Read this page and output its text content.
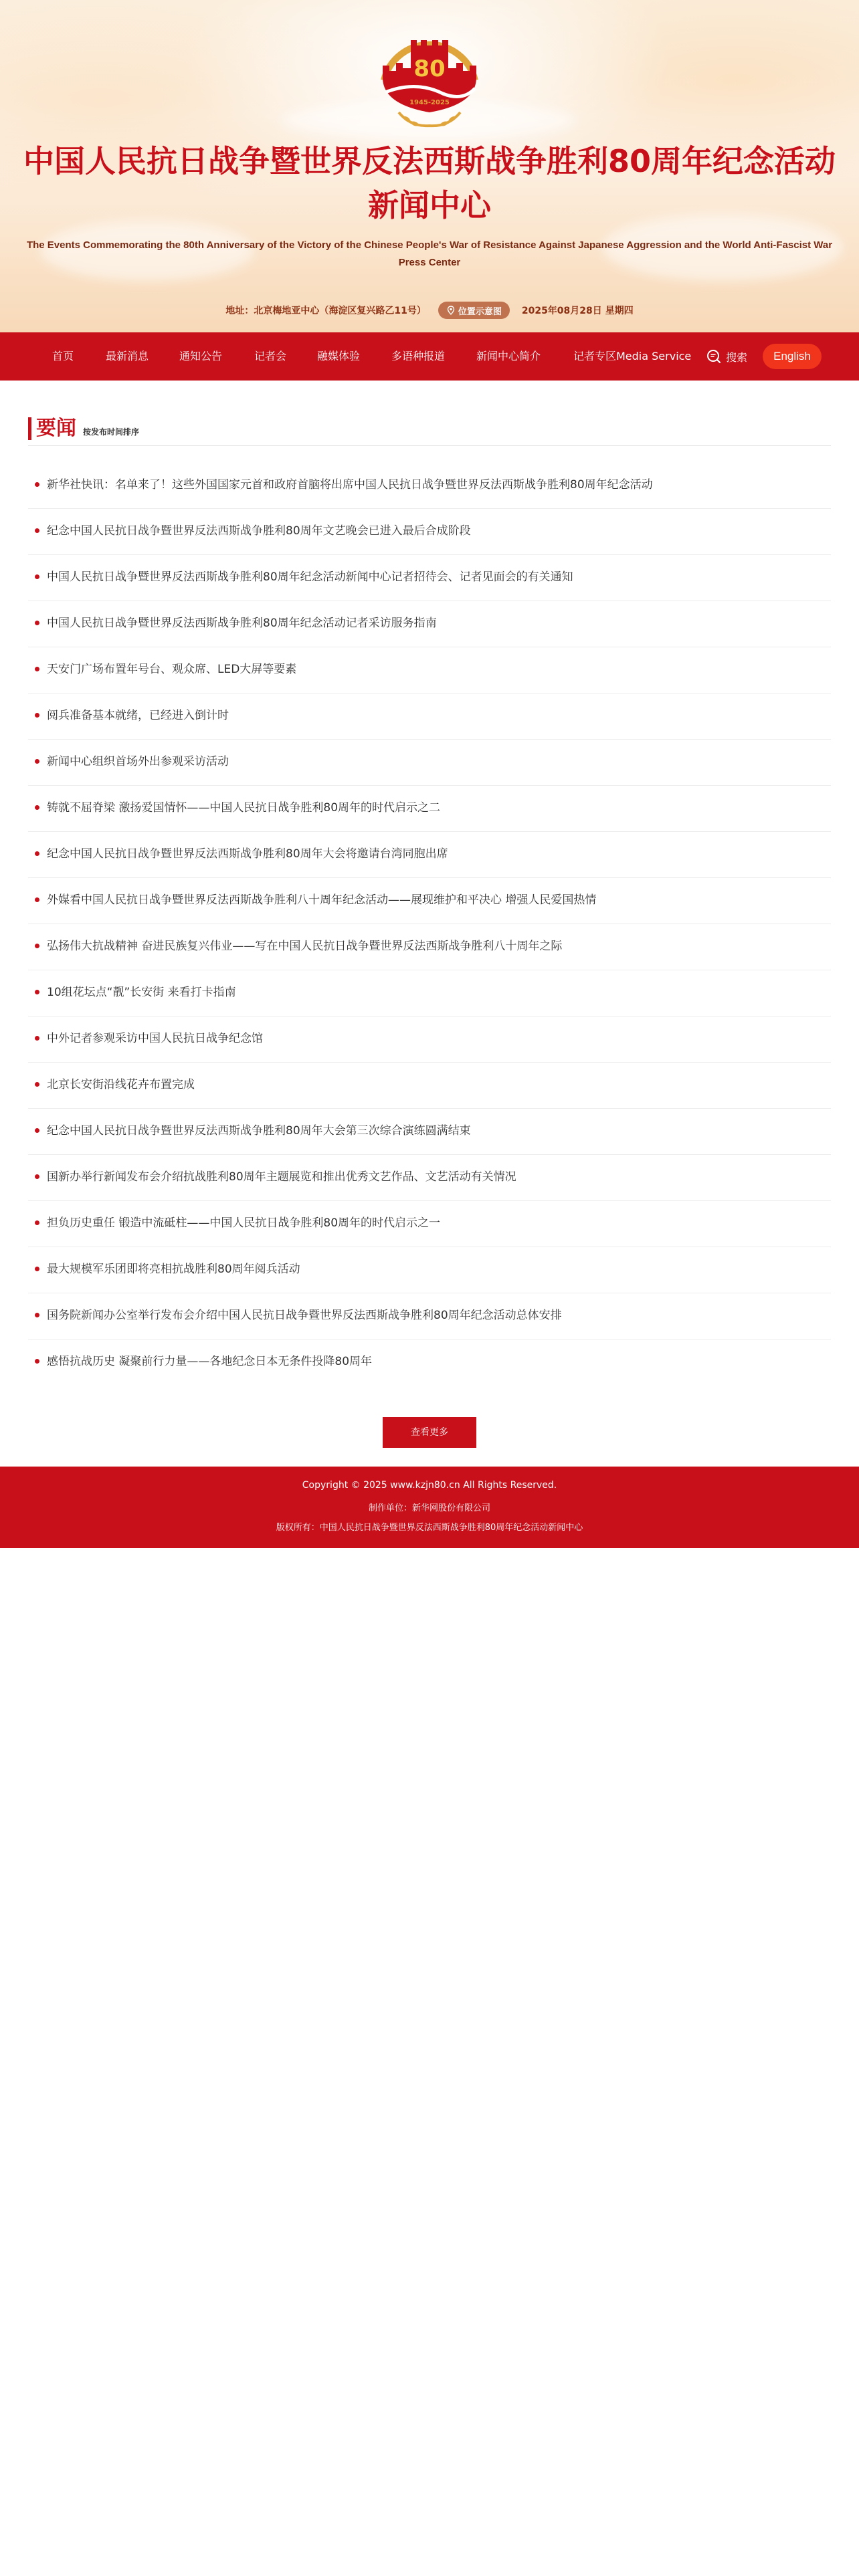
1945-2025
80
中国人民抗日战争暨世界反法西斯战争胜利80周年纪念活动
新闻中心
The Events Commemorating the 80th Anniversary of the Victory of the Chinese People's War of Resistance Against Japanese Aggression and the World Anti-Fascist War Press Center
地址：北京梅地亚中心（海淀区复兴路乙11号）	位置示意图 2025年08月28日 星期四
首页	最新消息	通知公告	记者会	融媒体验	多语种报道	新闻中心简介	记者专区Media Service	搜索	English
要闻 按发布时间排序
新华社快讯：名单来了！这些外国国家元首和政府首脑将出席中国人民抗日战争暨世界反法西斯战争胜利80周年纪念活动
纪念中国人民抗日战争暨世界反法西斯战争胜利80周年文艺晚会已进入最后合成阶段
中国人民抗日战争暨世界反法西斯战争胜利80周年纪念活动新闻中心记者招待会、记者见面会的有关通知
中国人民抗日战争暨世界反法西斯战争胜利80周年纪念活动记者采访服务指南
天安门广场布置年号台、观众席、LED大屏等要素
阅兵准备基本就绪，已经进入倒计时
新闻中心组织首场外出参观采访活动
铸就不屈脊梁 激扬爱国情怀——中国人民抗日战争胜利80周年的时代启示之二
纪念中国人民抗日战争暨世界反法西斯战争胜利80周年大会将邀请台湾同胞出席
外媒看中国人民抗日战争暨世界反法西斯战争胜利八十周年纪念活动——展现维护和平决心 增强人民爱国热情
弘扬伟大抗战精神 奋进民族复兴伟业——写在中国人民抗日战争暨世界反法西斯战争胜利八十周年之际
10组花坛点“靓”长安街 来看打卡指南
中外记者参观采访中国人民抗日战争纪念馆
北京长安街沿线花卉布置完成
纪念中国人民抗日战争暨世界反法西斯战争胜利80周年大会第三次综合演练圆满结束
国新办举行新闻发布会介绍抗战胜利80周年主题展览和推出优秀文艺作品、文艺活动有关情况
担负历史重任 锻造中流砥柱——中国人民抗日战争胜利80周年的时代启示之一
最大规模军乐团即将亮相抗战胜利80周年阅兵活动
国务院新闻办公室举行发布会介绍中国人民抗日战争暨世界反法西斯战争胜利80周年纪念活动总体安排
感悟抗战历史 凝聚前行力量——各地纪念日本无条件投降80周年
查看更多
Copyright © 2025 www.kzjn80.cn All Rights Reserved.
制作单位：新华网股份有限公司
版权所有：中国人民抗日战争暨世界反法西斯战争胜利80周年纪念活动新闻中心
